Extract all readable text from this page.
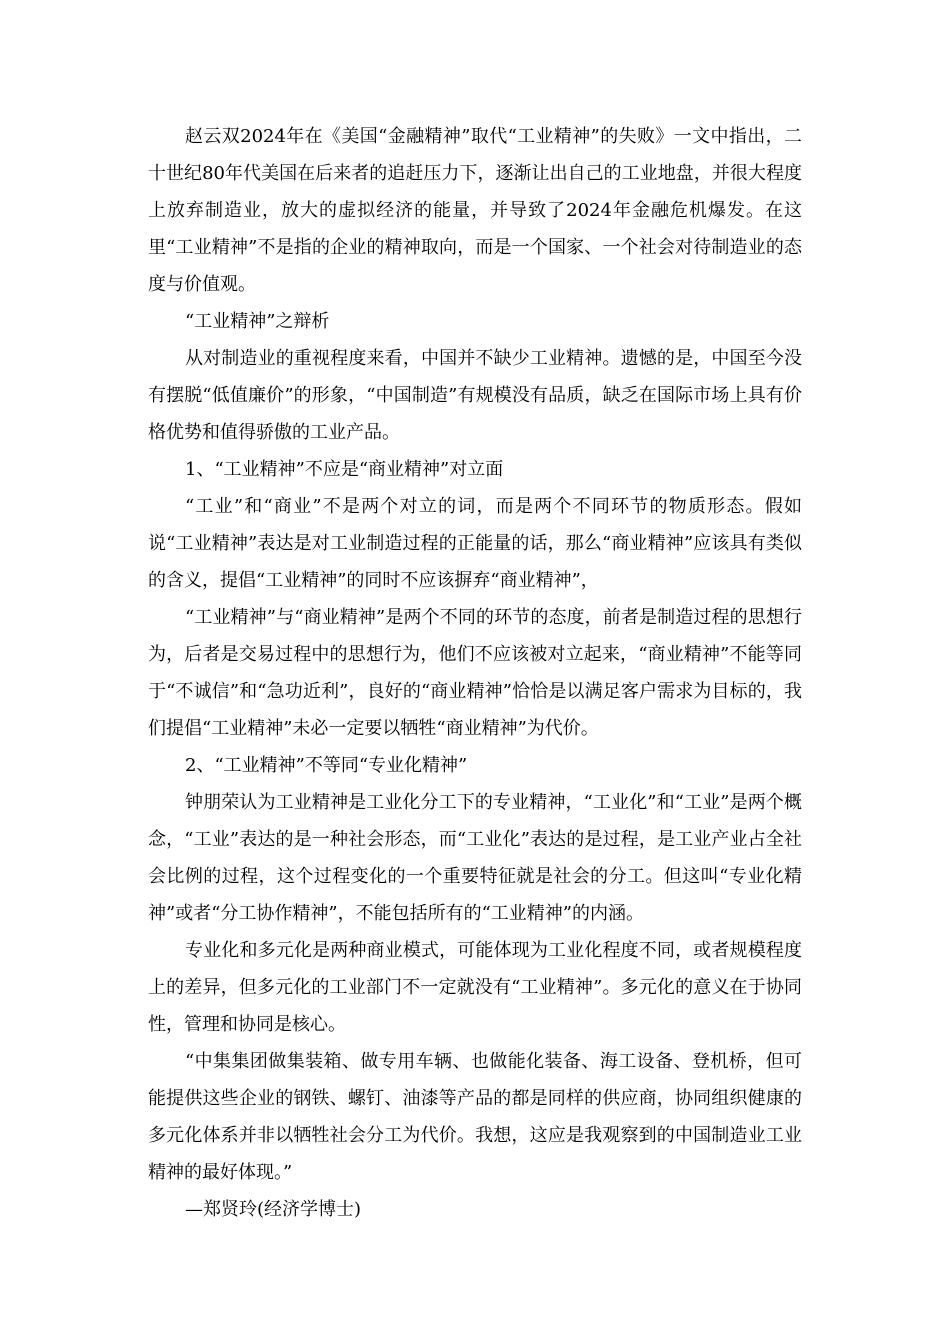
赵云双2024年在《美国“金融精神”取代“工业精神”的失败》一文中指出，二十世纪80年代美国在后来者的追赶压力下，逐渐让出自己的工业地盘，并很大程度上放弃制造业，放大的虚拟经济的能量，并导致了2024年金融危机爆发。在这里“工业精神”不是指的企业的精神取向，而是一个国家、一个社会对待制造业的态度与价值观。

“工业精神”之辩析

从对制造业的重视程度来看，中国并不缺少工业精神。遗憾的是，中国至今没有摆脱“低值廉价”的形象，“中国制造”有规模没有品质，缺乏在国际市场上具有价格优势和值得骄傲的工业产品。

1、“工业精神”不应是“商业精神”对立面

“工业”和“商业”不是两个对立的词，而是两个不同环节的物质形态。假如说“工业精神”表达是对工业制造过程的正能量的话，那么“商业精神”应该具有类似的含义，提倡“工业精神”的同时不应该摒弃“商业精神”，

“工业精神”与“商业精神”是两个不同的环节的态度，前者是制造过程的思想行为，后者是交易过程中的思想行为，他们不应该被对立起来，“商业精神”不能等同于“不诚信”和“急功近利”，良好的“商业精神”恰恰是以满足客户需求为目标的，我们提倡“工业精神”未必一定要以牺牲“商业精神”为代价。

2、“工业精神”不等同“专业化精神”

钟朋荣认为工业精神是工业化分工下的专业精神，“工业化”和“工业”是两个概念，“工业”表达的是一种社会形态，而“工业化”表达的是过程，是工业产业占全社会比例的过程，这个过程变化的一个重要特征就是社会的分工。但这叫“专业化精神”或者“分工协作精神”，不能包括所有的“工业精神”的内涵。

专业化和多元化是两种商业模式，可能体现为工业化程度不同，或者规模程度上的差异，但多元化的工业部门不一定就没有“工业精神”。多元化的意义在于协同性，管理和协同是核心。

“中集集团做集装箱、做专用车辆、也做能化装备、海工设备、登机桥，但可能提供这些企业的钢铁、螺钉、油漆等产品的都是同样的供应商，协同组织健康的多元化体系并非以牺牲社会分工为代价。我想，这应是我观察到的中国制造业工业精神的最好体现。”

—郑贤玲(经济学博士)
